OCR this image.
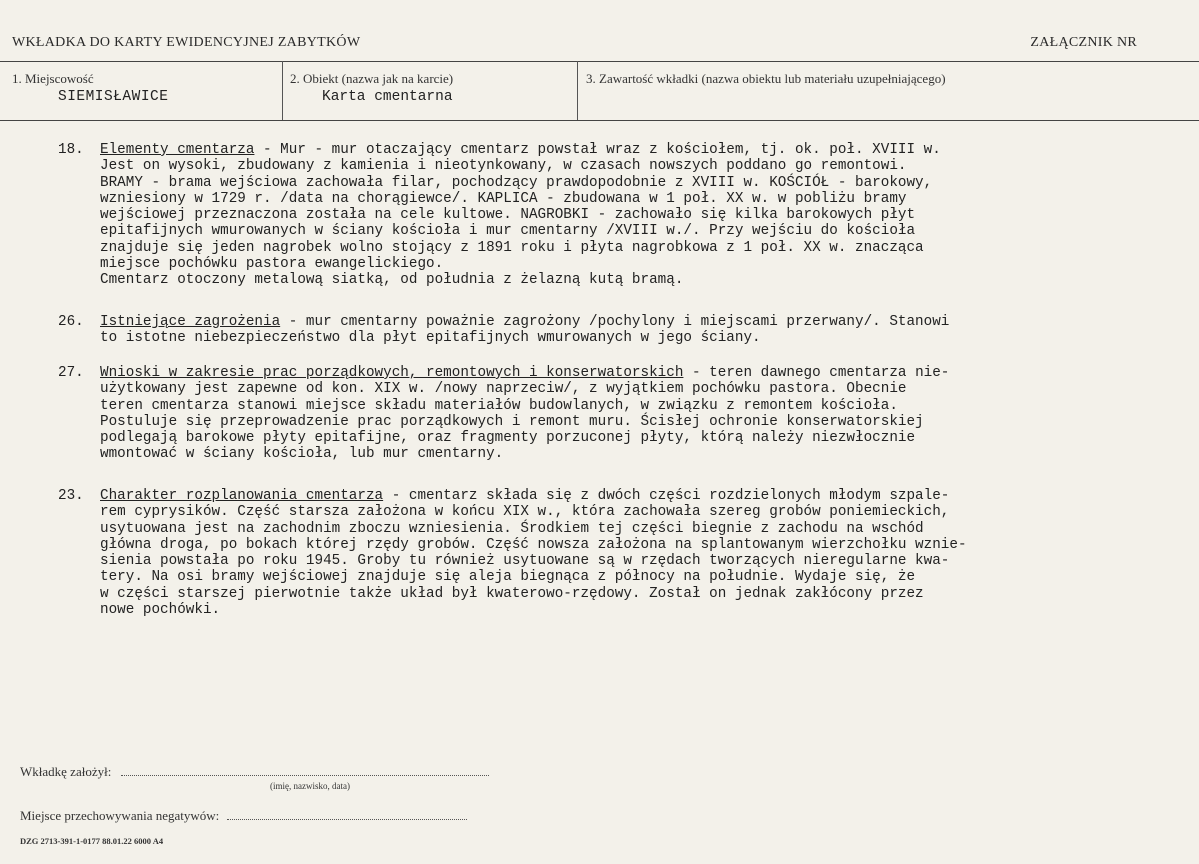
WKŁADKA DO KARTY EWIDENCYJNEJ ZABYTKÓW	ZAŁĄCZNIK NR
1. Miejscowość
SIEMISŁAWICE
2. Obiekt (nazwa jak na karcie)
Karta cmentarna
3. Zawartość wkładki (nazwa obiektu lub materiału uzupełniającego)
18. Elementy cmentarza - Mur - mur otaczający cmentarz powstał wraz z kościołem, tj. ok. poł. XVIII w.

Jest on wysoki, zbudowany z kamienia i nieotynkowany, w czasach nowszych poddano go remontowi.

BRAMY - brama wejściowa zachowała filar, pochodzący prawdopodobnie z XVIII w. KOŚCIÓŁ - barokowy,

wzniesiony w 1729 r. /data na chorągiewce/. KAPLICA - zbudowana w 1 poł. XX w. w pobliżu bramy

wejściowej przeznaczona została na cele kultowe. NAGROBKI - zachowało się kilka barokowych płyt

epitafijnych wmurowanych w ściany kościoła i mur cmentarny /XVIII w./. Przy wejściu do kościoła

znajduje się jeden nagrobek wolno stojący z 1891 roku i płyta nagrobkowa z 1 poł. XX w. znacząca

miejsce pochówku pastora ewangelickiego.

Cmentarz otoczony metalową siatką, od południa z żelazną kutą bramą.

26. Istniejące zagrożenia - mur cmentarny poważnie zagrożony /pochylony i miejscami przerwany/. Stanowi

to istotne niebezpieczeństwo dla płyt epitafijnych wmurowanych w jego ściany.

27. Wnioski w zakresie prac porządkowych, remontowych i konserwatorskich - teren dawnego cmentarza nie-

użytkowany jest zapewne od kon. XIX w. /nowy naprzeciw/, z wyjątkiem pochówku pastora. Obecnie

teren cmentarza stanowi miejsce składu materiałów budowlanych, w związku z remontem kościoła.

Postuluje się przeprowadzenie prac porządkowych i remont muru. Ścisłej ochronie konserwatorskiej

podlegają barokowe płyty epitafijne, oraz fragmenty porzuconej płyty, którą należy niezwłocznie

wmontować w ściany kościoła, lub mur cmentarny.

23. Charakter rozplanowania cmentarza - cmentarz składa się z dwóch części rozdzielonych młodym szpale-

rem cyprysików. Część starsza założona w końcu XIX w., która zachowała szereg grobów poniemieckich,

usytuowana jest na zachodnim zboczu wzniesienia. Środkiem tej części biegnie z zachodu na wschód

główna droga, po bokach której rzędy grobów. Część nowsza założona na splantowanym wierzchołku wznie-

sienia powstała po roku 1945. Groby tu również usytuowane są w rzędach tworzących nieregularne kwa-

tery. Na osi bramy wejściowej znajduje się aleja biegnąca z północy na południe. Wydaje się, że

w części starszej pierwotnie także układ był kwaterowo-rzędowy. Został on jednak zakłócony przez

nowe pochówki.

Wkładkę założył:
(imię, nazwisko, data)
Miejsce przechowywania negatywów:
DZG 2713-391-1-0177 88.01.22 6000 A4
